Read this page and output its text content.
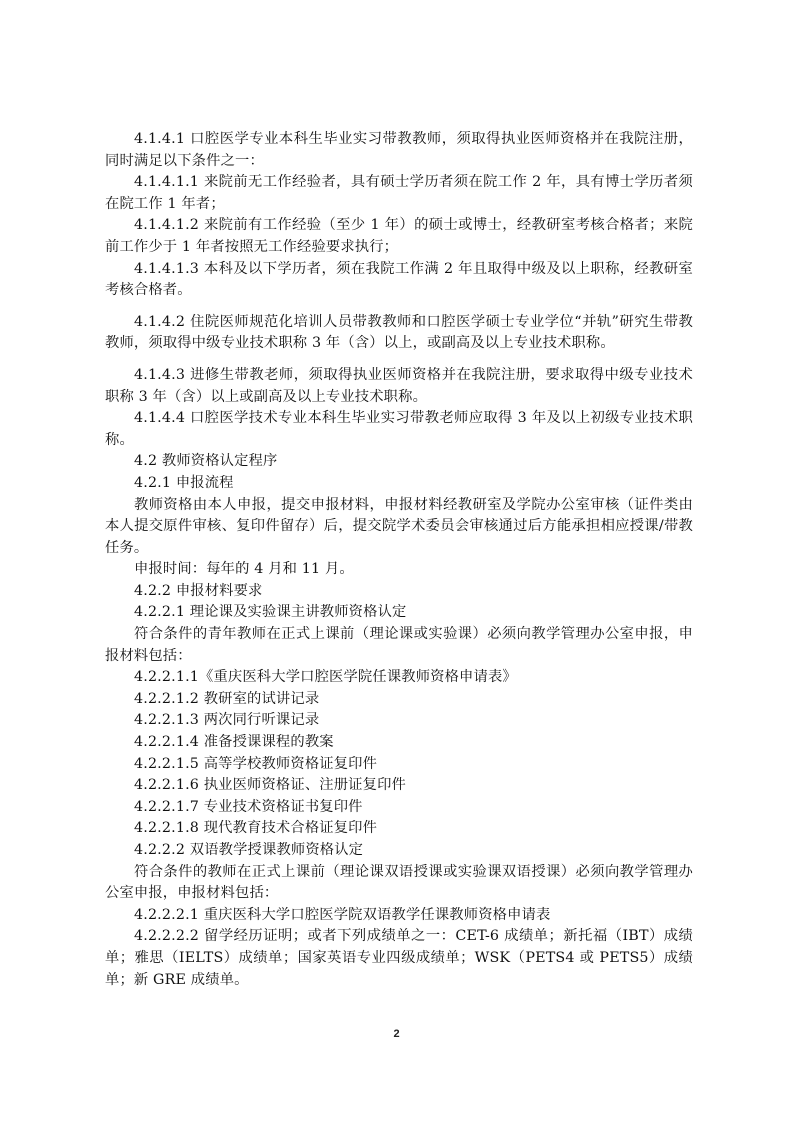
4.1.4.1 口腔医学专业本科生毕业实习带教教师，须取得执业医师资格并在我院注册，同时满足以下条件之一：

4.1.4.1.1 来院前无工作经验者，具有硕士学历者须在院工作 2 年，具有博士学历者须在院工作 1 年者；

4.1.4.1.2 来院前有工作经验（至少 1 年）的硕士或博士，经教研室考核合格者；来院前工作少于 1 年者按照无工作经验要求执行；

4.1.4.1.3 本科及以下学历者，须在我院工作满 2 年且取得中级及以上职称，经教研室考核合格者。

4.1.4.2 住院医师规范化培训人员带教教师和口腔医学硕士专业学位“并轨”研究生带教教师，须取得中级专业技术职称 3 年（含）以上，或副高及以上专业技术职称。

4.1.4.3 进修生带教老师，须取得执业医师资格并在我院注册，要求取得中级专业技术职称 3 年（含）以上或副高及以上专业技术职称。

4.1.4.4 口腔医学技术专业本科生毕业实习带教老师应取得 3 年及以上初级专业技术职称。

4.2 教师资格认定程序

4.2.1 申报流程

教师资格由本人申报，提交申报材料，申报材料经教研室及学院办公室审核（证件类由本人提交原件审核、复印件留存）后，提交院学术委员会审核通过后方能承担相应授课/带教任务。

申报时间：每年的 4 月和 11 月。

4.2.2 申报材料要求

4.2.2.1 理论课及实验课主讲教师资格认定

符合条件的青年教师在正式上课前（理论课或实验课）必须向教学管理办公室申报，申报材料包括：

4.2.2.1.1《重庆医科大学口腔医学院任课教师资格申请表》

4.2.2.1.2 教研室的试讲记录

4.2.2.1.3 两次同行听课记录

4.2.2.1.4 准备授课课程的教案

4.2.2.1.5 高等学校教师资格证复印件

4.2.2.1.6 执业医师资格证、注册证复印件

4.2.2.1.7 专业技术资格证书复印件

4.2.2.1.8 现代教育技术合格证复印件

4.2.2.2 双语教学授课教师资格认定

符合条件的教师在正式上课前（理论课双语授课或实验课双语授课）必须向教学管理办公室申报，申报材料包括：

4.2.2.2.1 重庆医科大学口腔医学院双语教学任课教师资格申请表

4.2.2.2.2 留学经历证明；或者下列成绩单之一：CET-6 成绩单；新托福（IBT）成绩单；雅思（IELTS）成绩单；国家英语专业四级成绩单；WSK（PETS4 或 PETS5）成绩单；新 GRE 成绩单。

2
